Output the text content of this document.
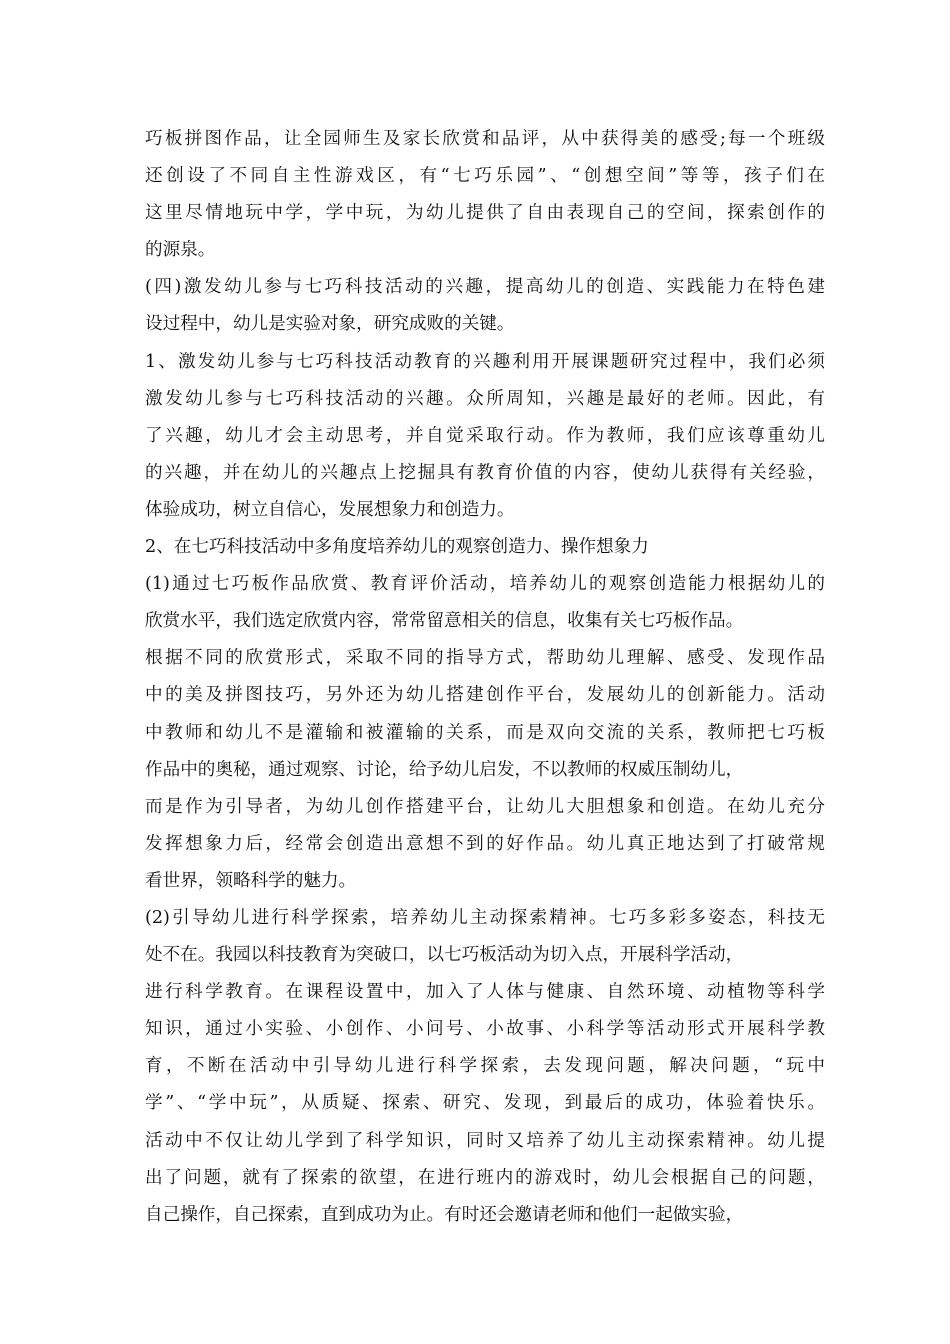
巧板拼图作品，让全园师生及家长欣赏和品评，从中获得美的感受;每一个班级
还创设了不同自主性游戏区，有“七巧乐园”、“创想空间”等等，孩子们在
这里尽情地玩中学，学中玩，为幼儿提供了自由表现自己的空间，探索创作的
的源泉。
(四)激发幼儿参与七巧科技活动的兴趣，提高幼儿的创造、实践能力在特色建
设过程中，幼儿是实验对象，研究成败的关键。
1、激发幼儿参与七巧科技活动教育的兴趣利用开展课题研究过程中，我们必须
激发幼儿参与七巧科技活动的兴趣。众所周知，兴趣是最好的老师。因此，有
了兴趣，幼儿才会主动思考，并自觉采取行动。作为教师，我们应该尊重幼儿
的兴趣，并在幼儿的兴趣点上挖掘具有教育价值的内容，使幼儿获得有关经验，
体验成功，树立自信心，发展想象力和创造力。
2、在七巧科技活动中多角度培养幼儿的观察创造力、操作想象力
(1)通过七巧板作品欣赏、教育评价活动，培养幼儿的观察创造能力根据幼儿的
欣赏水平，我们选定欣赏内容，常常留意相关的信息，收集有关七巧板作品。
根据不同的欣赏形式，采取不同的指导方式，帮助幼儿理解、感受、发现作品
中的美及拼图技巧，另外还为幼儿搭建创作平台，发展幼儿的创新能力。活动
中教师和幼儿不是灌输和被灌输的关系，而是双向交流的关系，教师把七巧板
作品中的奥秘，通过观察、讨论，给予幼儿启发，不以教师的权威压制幼儿，
而是作为引导者，为幼儿创作搭建平台，让幼儿大胆想象和创造。在幼儿充分
发挥想象力后，经常会创造出意想不到的好作品。幼儿真正地达到了打破常规
看世界，领略科学的魅力。
(2)引导幼儿进行科学探索，培养幼儿主动探索精神。七巧多彩多姿态，科技无
处不在。我园以科技教育为突破口，以七巧板活动为切入点，开展科学活动，
进行科学教育。在课程设置中，加入了人体与健康、自然环境、动植物等科学
知识，通过小实验、小创作、小问号、小故事、小科学等活动形式开展科学教
育，不断在活动中引导幼儿进行科学探索，去发现问题，解决问题，“玩中
学”、“学中玩”，从质疑、探索、研究、发现，到最后的成功，体验着快乐。
活动中不仅让幼儿学到了科学知识，同时又培养了幼儿主动探索精神。幼儿提
出了问题，就有了探索的欲望，在进行班内的游戏时，幼儿会根据自己的问题，
自己操作，自己探索，直到成功为止。有时还会邀请老师和他们一起做实验，
